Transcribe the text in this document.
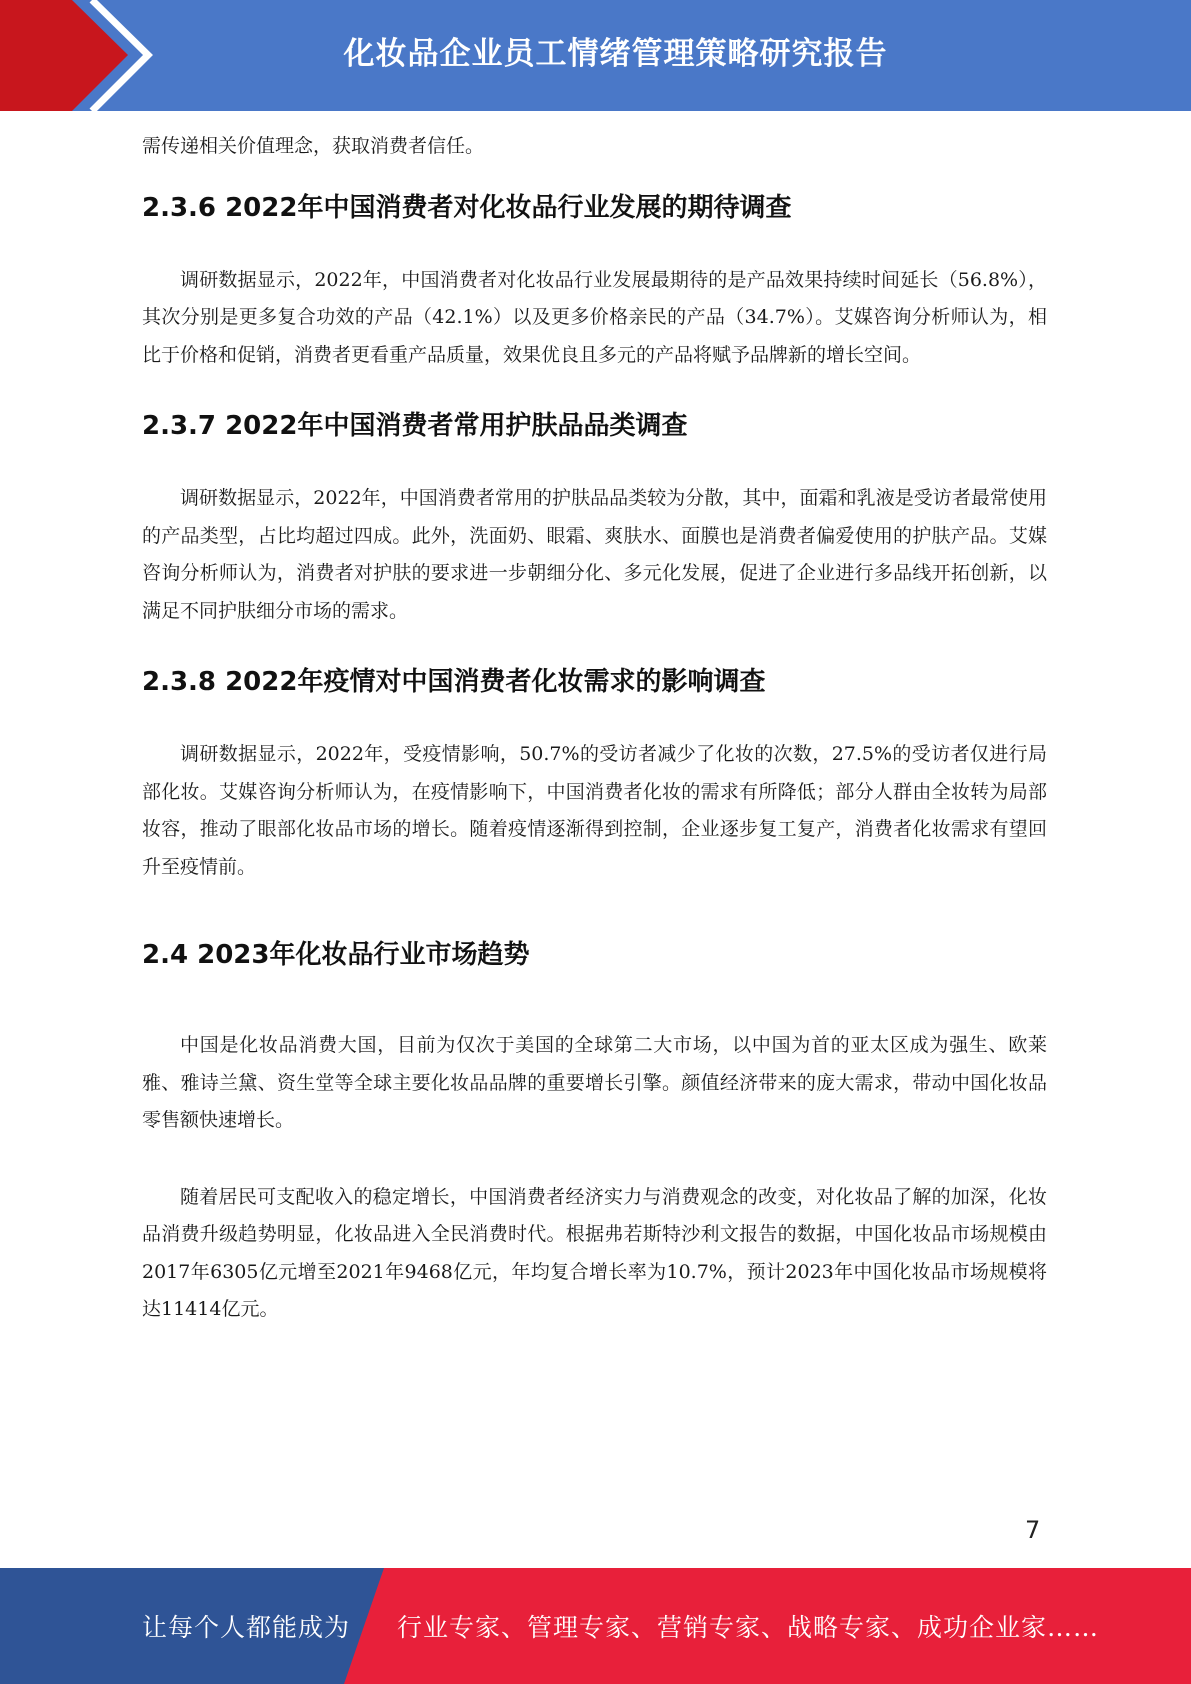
化妆品企业员工情绪管理策略研究报告

需传递相关价值理念，获取消费者信任。

2.3.6 2022年中国消费者对化妆品行业发展的期待调查

调研数据显示，2022年，中国消费者对化妆品行业发展最期待的是产品效果持续时间延长（56.8%），其次分别是更多复合功效的产品（42.1%）以及更多价格亲民的产品（34.7%）。艾媒咨询分析师认为，相比于价格和促销，消费者更看重产品质量，效果优良且多元的产品将赋予品牌新的增长空间。

2.3.7 2022年中国消费者常用护肤品品类调查

调研数据显示，2022年，中国消费者常用的护肤品品类较为分散，其中，面霜和乳液是受访者最常使用的产品类型，占比均超过四成。此外，洗面奶、眼霜、爽肤水、面膜也是消费者偏爱使用的护肤产品。艾媒咨询分析师认为，消费者对护肤的要求进一步朝细分化、多元化发展，促进了企业进行多品线开拓创新，以满足不同护肤细分市场的需求。

2.3.8 2022年疫情对中国消费者化妆需求的影响调查

调研数据显示，2022年，受疫情影响，50.7%的受访者减少了化妆的次数，27.5%的受访者仅进行局部化妆。艾媒咨询分析师认为，在疫情影响下，中国消费者化妆的需求有所降低；部分人群由全妆转为局部妆容，推动了眼部化妆品市场的增长。随着疫情逐渐得到控制，企业逐步复工复产，消费者化妆需求有望回升至疫情前。

2.4 2023年化妆品行业市场趋势

中国是化妆品消费大国，目前为仅次于美国的全球第二大市场，以中国为首的亚太区成为强生、欧莱雅、雅诗兰黛、资生堂等全球主要化妆品品牌的重要增长引擎。颜值经济带来的庞大需求，带动中国化妆品零售额快速增长。

随着居民可支配收入的稳定增长，中国消费者经济实力与消费观念的改变，对化妆品了解的加深，化妆品消费升级趋势明显，化妆品进入全民消费时代。根据弗若斯特沙利文报告的数据，中国化妆品市场规模由2017年6305亿元增至2021年9468亿元，年均复合增长率为10.7%，预计2023年中国化妆品市场规模将达11414亿元。

7
让每个人都能成为 行业专家、管理专家、营销专家、战略专家、成功企业家……
